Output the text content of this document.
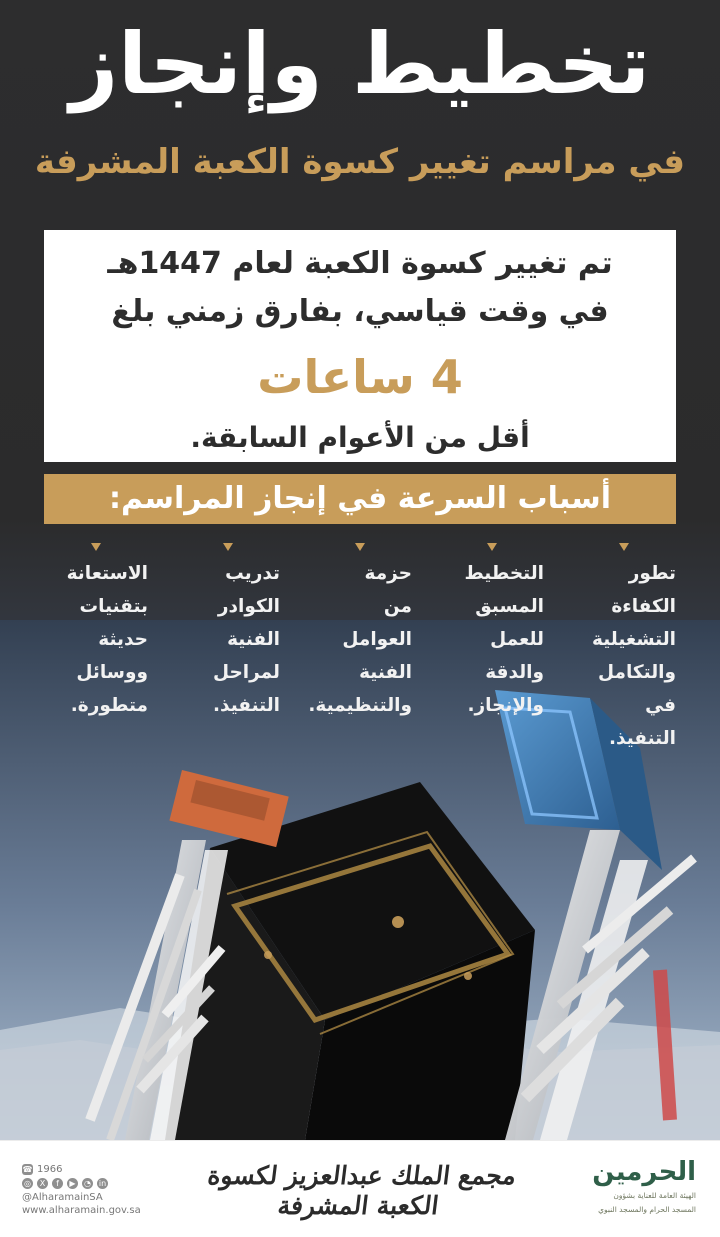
تخطيط وإنجاز
في مراسم تغيير كسوة الكعبة المشرفة
تم تغيير كسوة الكعبة لعام 1447هـ
في وقت قياسي، بفارق زمني بلغ
4 ساعات
أقل من الأعوام السابقة.
أسباب السرعة في إنجاز المراسم:
تطور
الكفاءة
التشغيلية
والتكامل
في التنفيذ.
التخطيط
المسبق
للعمل
والدقة
والإنجاز.
حزمة
من
العوامل
الفنية
والتنظيمية.
تدريب
الكوادر
الفنية
لمراحل
التنفيذ.
الاستعانة
بتقنيات
حديثة
ووسائل
متطورة.
الحرمين
الهيئة العامة للعناية بشؤون
المسجد الحرام والمسجد النبوي
مجمع الملك عبدالعزيز لكسوة الكعبة المشرفة
☎ 1966
◎	X	f	▶	◔ in
@AlharamainSA
www.alharamain.gov.sa
